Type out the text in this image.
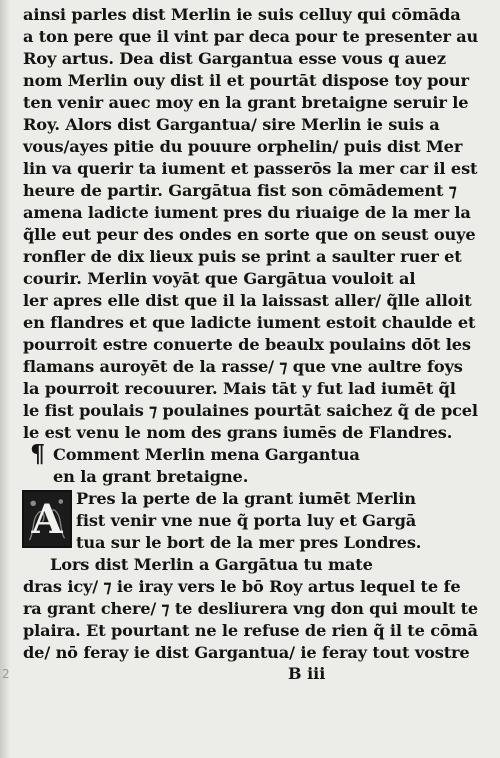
ainsi parles dist Merlin ie suis celluy qui cōmāda
a ton pere que il vint par deca pour te presenter au
Roy artus. Dea dist Gargantua esse vous q auez
nom Merlin ouy dist il et pourtāt dispose toy pour
ten venir auec moy en la grant bretaigne seruir le
Roy. Alors dist Gargantua/ sire Merlin ie suis a
vous/ayes pitie du pouure orphelin/ puis dist Mer
lin va querir ta iument et passerōs la mer car il est
heure de partir. Gargātua fist son cōmādement ⁊
amena ladicte iument pres du riuaige de la mer la
q̃lle eut peur des ondes en sorte que on seust ouye
ronfler de dix lieux puis se print a saulter ruer et
courir. Merlin voyāt que Gargātua vouloit al
ler apres elle dist que il la laissast aller/ q̃lle alloit
en flandres et que ladicte iument estoit chaulde et
pourroit estre conuerte de beaulx poulains dōt les
flamans auroyēt de la rasse/ ⁊ que vne aultre foys
la pourroit recouurer. Mais tāt y fut lad iumēt q̃l
le fist poulais ⁊ poulaines pourtāt saichez q̃ de pcel
le est venu le nom des grans iumēs de Flandres.
¶ Comment Merlin mena Gargantua
en la grant bretaigne.
A Pres la perte de la grant iumēt Merlin
fist venir vne nue q̃ porta luy et Gargā
tua sur le bort de la mer pres Londres.
Lors dist Merlin a Gargātua tu mate
dras icy/ ⁊ ie iray vers le bō Roy artus lequel te fe
ra grant chere/ ⁊ te desliurera vng don qui moult te
plaira. Et pourtant ne le refuse de rien q̃ il te cōmā
de/ nō feray ie dist Gargantua/ ie feray tout vostre
2	B iii
